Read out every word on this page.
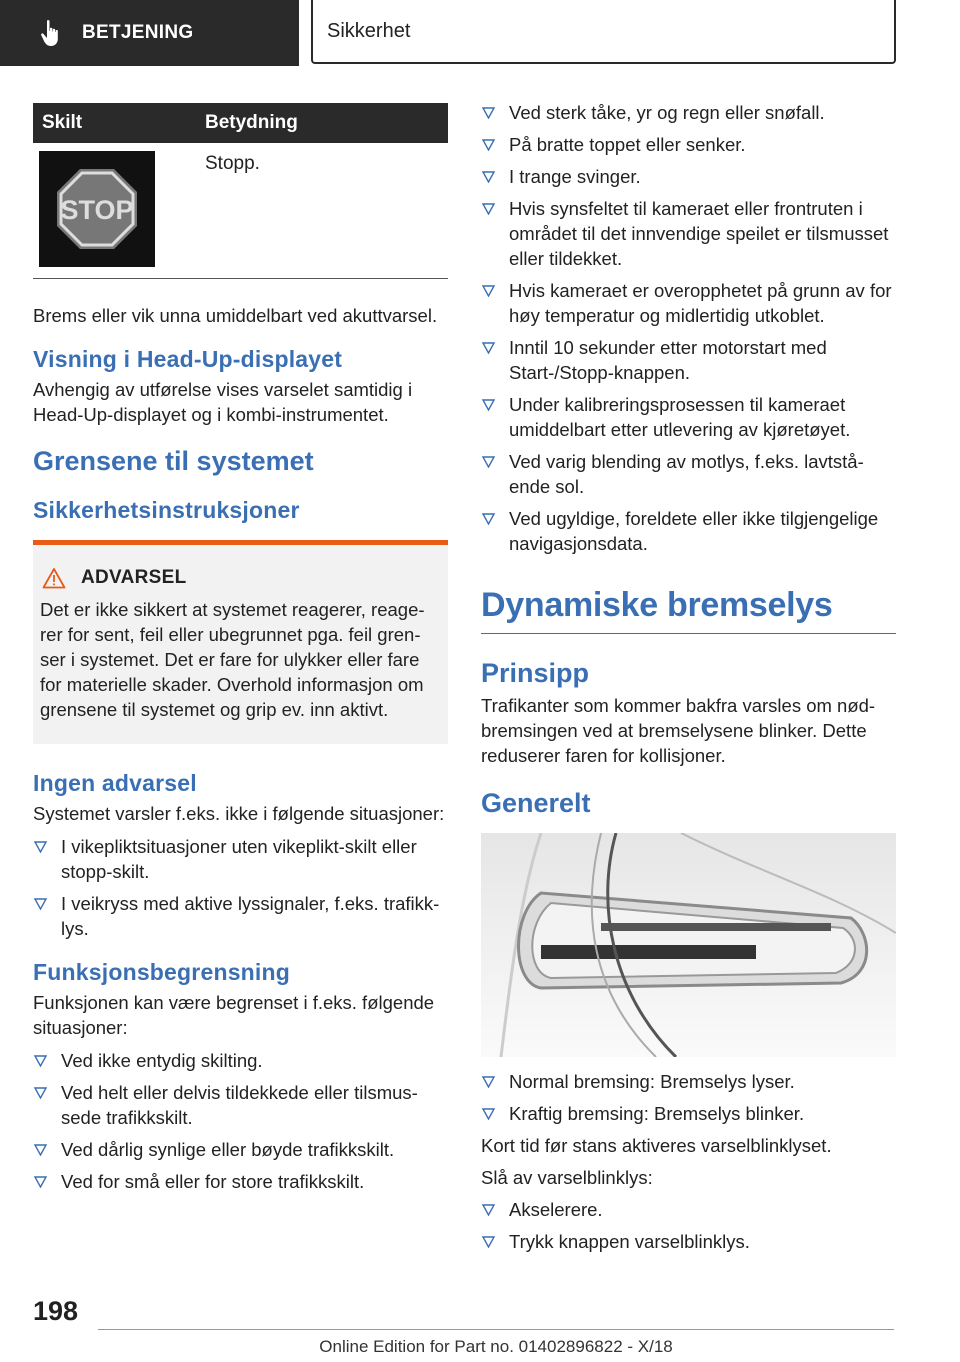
BETJENING	Sikkerhet
Skilt	Betydning
STOP
Stopp.

Brems eller vik unna umiddelbart ved akuttvarsel.

Visning i Head-Up-displayet

Avhengig av utførelse vises varselet samtidig i Head-Up-displayet og i kombi-instrumentet.

Grensene til systemet
Sikkerhetsinstruksjoner
ADVARSEL

Det er ikke sikkert at systemet reagerer, reagerer for sent, feil eller ubegrunnet pga. feil grenser i systemet. Det er fare for ulykker eller fare for materielle skader. Overhold informasjon om grensene til systemet og grip ev. inn aktivt.

Ingen advarsel

Systemet varsler f.eks. ikke i følgende situasjoner:

I vikepliktsituasjoner uten vikeplikt-skilt eller stopp-skilt.
I veikryss med aktive lyssignaler, f.eks. trafikklys.
Funksjonsbegrensning

Funksjonen kan være begrenset i f.eks. følgende situasjoner:

Ved ikke entydig skilting.
Ved helt eller delvis tildekkede eller tilsmussede trafikkskilt.
Ved dårlig synlige eller bøyde trafikkskilt.
Ved for små eller for store trafikkskilt.
Ved sterk tåke, yr og regn eller snøfall.
På bratte toppet eller senker.
I trange svinger.
Hvis synsfeltet til kameraet eller frontruten i området til det innvendige speilet er tilsmusset eller tildekket.
Hvis kameraet er overopphetet på grunn av for høy temperatur og midlertidig utkoblet.
Inntil 10 sekunder etter motorstart med Start-/Stopp-knappen.
Under kalibreringsprosessen til kameraet umiddelbart etter utlevering av kjøretøyet.
Ved varig blending av motlys, f.eks. lavtstående sol.
Ved ugyldige, foreldete eller ikke tilgjengelige navigasjonsdata.
Dynamiske bremselys
Prinsipp

Trafikanter som kommer bakfra varsles om nødbremsingen ved at bremselysene blinker. Dette reduserer faren for kollisjoner.

Generelt
Normal bremsing: Bremselys lyser.
Kraftig bremsing: Bremselys blinker.

Kort tid før stans aktiveres varselblinklyset.

Slå av varselblinklys:

Akselerere.
Trykk knappen varselblinklys.
198
Online Edition for Part no. 01402896822 - X/18
